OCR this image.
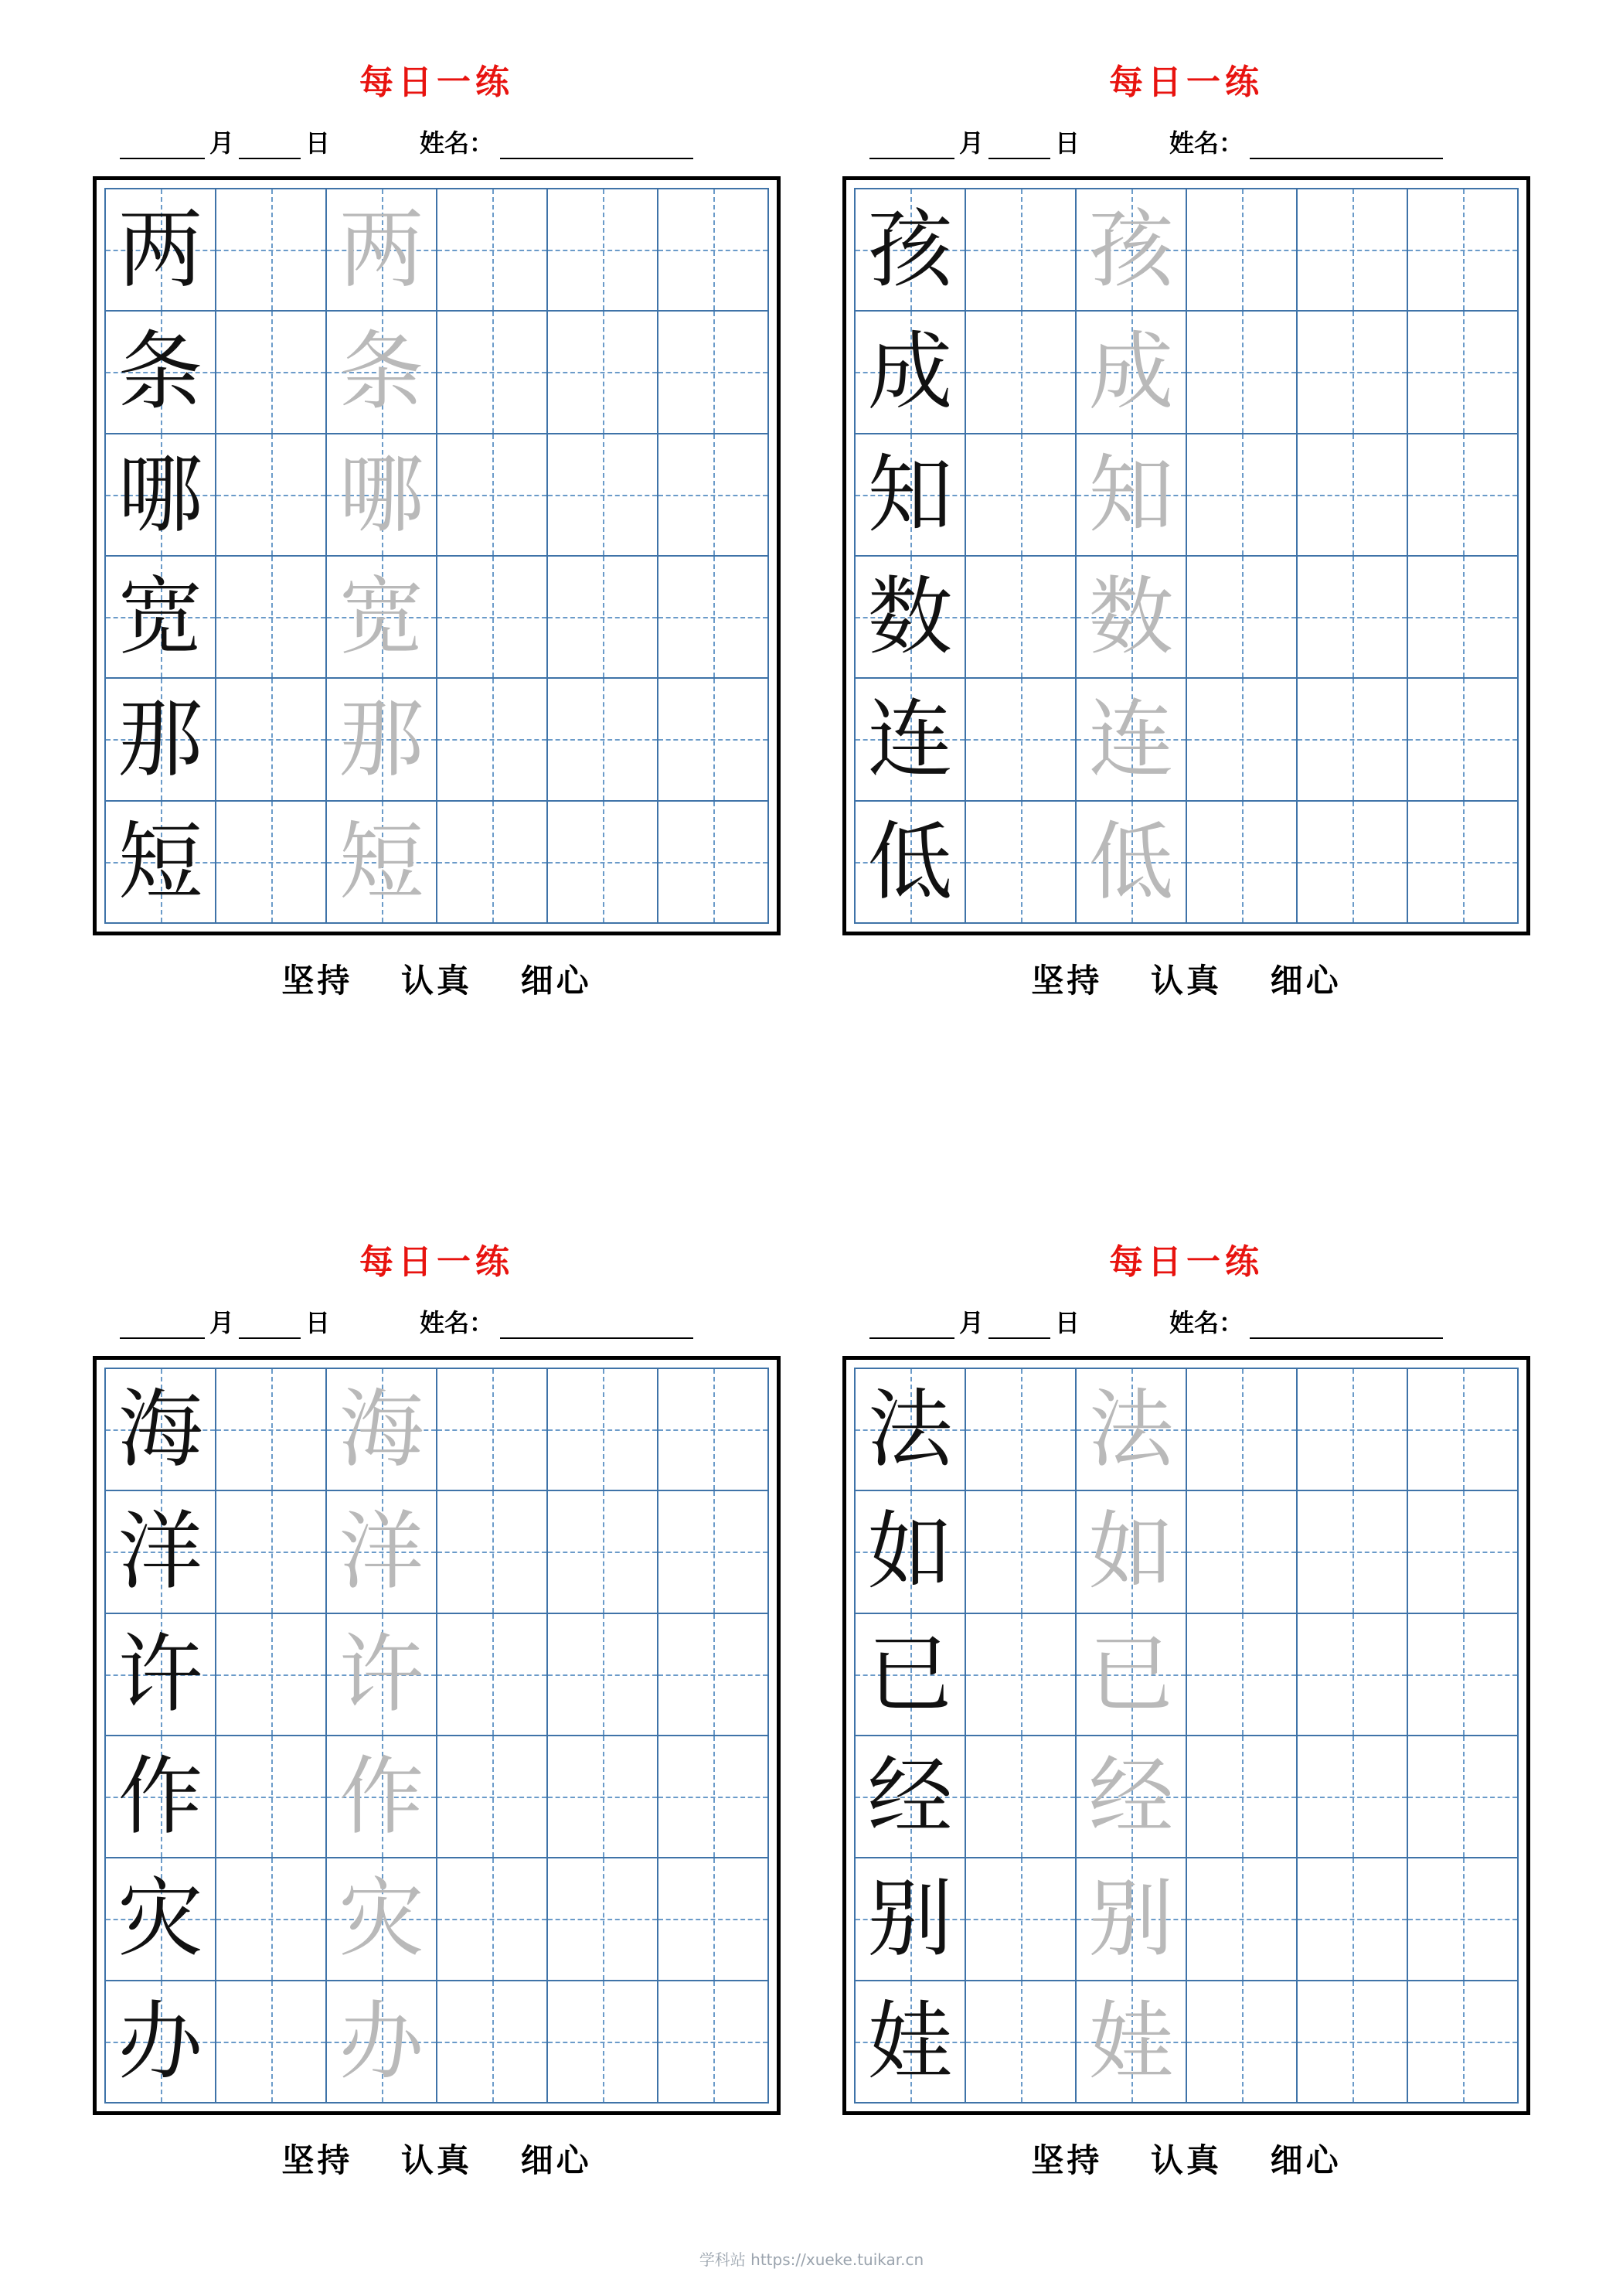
每日一练
月	日	姓名：
两 两
条 条
哪 哪
宽 宽
那 那
短 短
坚持 认真 细心
每日一练
月	日	姓名：
孩 孩
成 成
知 知
数 数
连 连
低 低
坚持 认真 细心
每日一练
月	日	姓名：
海 海
洋 洋
许 许
作 作
灾 灾
办 办
坚持 认真 细心
每日一练
月	日	姓名：
法 法
如 如
已 已
经 经
别 别
娃 娃
坚持 认真 细心
学科站 https://xueke.tuikar.cn
